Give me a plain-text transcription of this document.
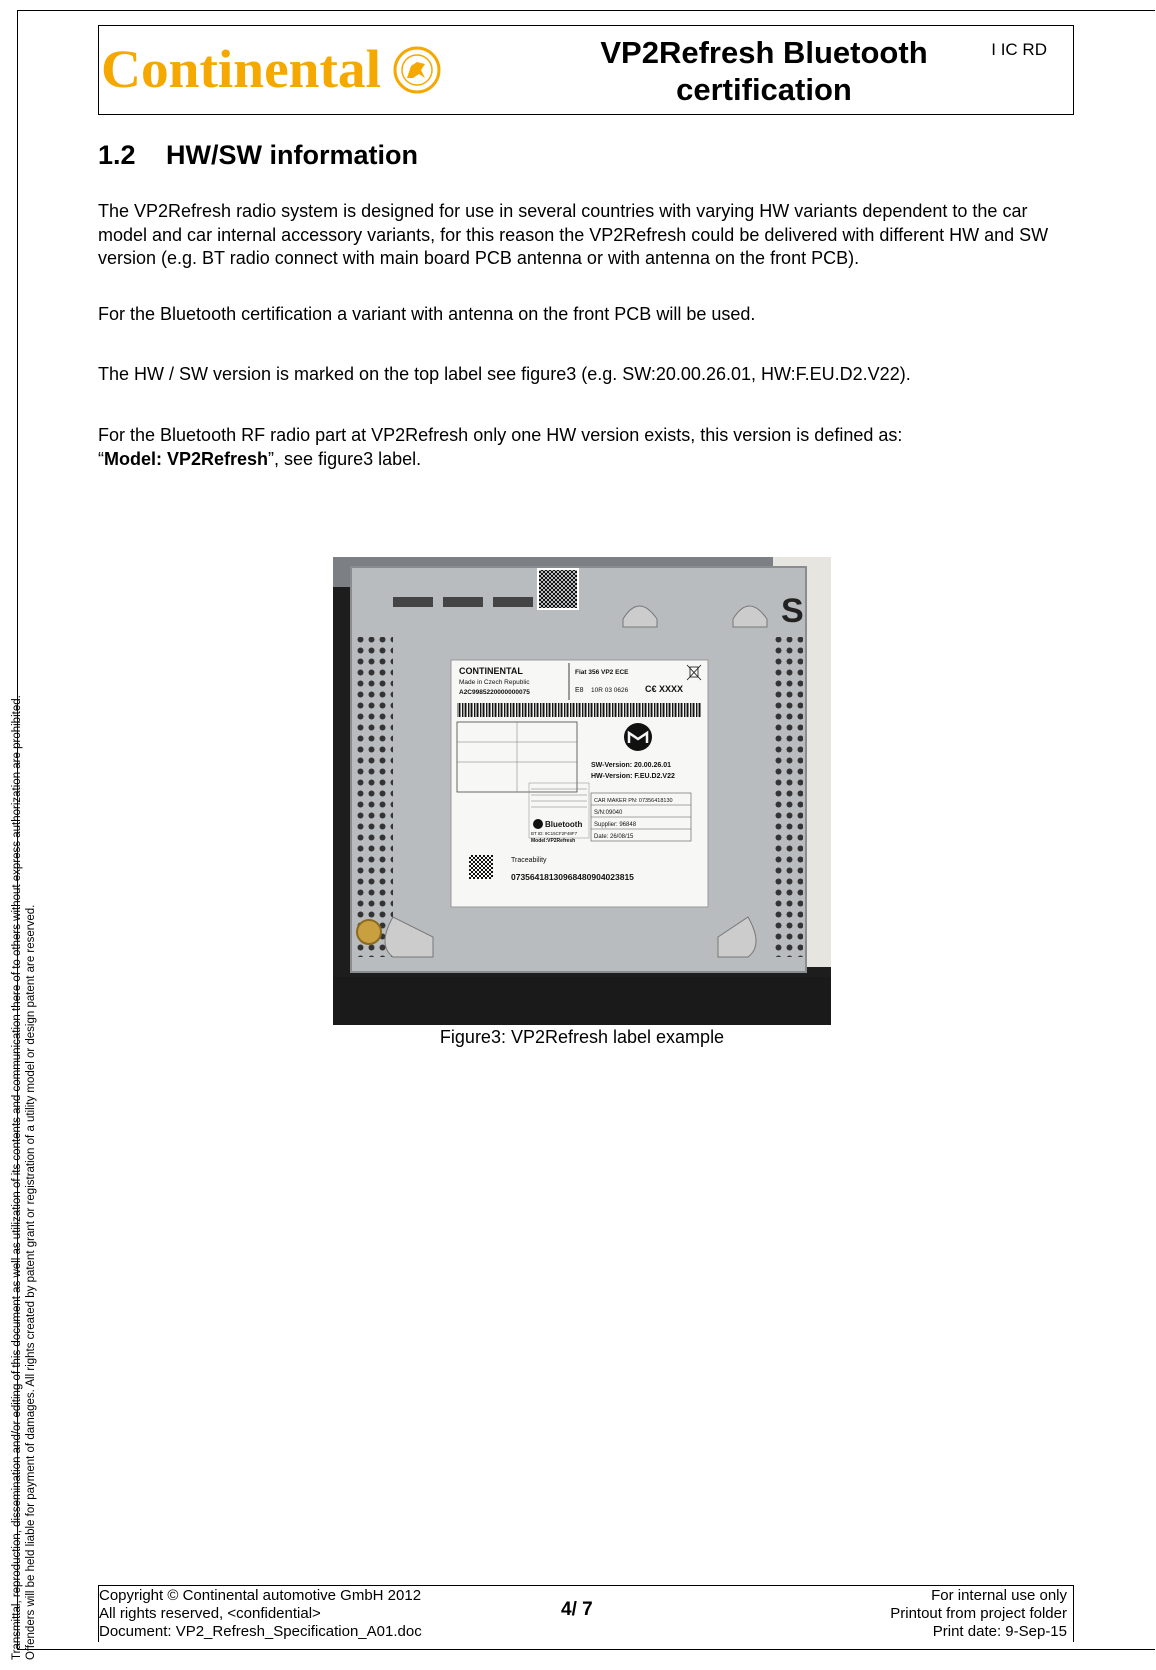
Transmittal, reproduction, dissemination and/or editing of this document as well as utilization of its contents and communication there of to others without express authorization are prohibited. Offenders will be held liable for payment of damages. All rights created by patent grant or registration of a utility model or design patent are reserved.
Continental	VP2Refresh Bluetooth
certification
I IC RD
1.2 HW/SW information
The VP2Refresh radio system is designed for use in several countries with varying HW variants dependent to the car model and car internal accessory variants, for this reason the VP2Refresh could be delivered with different HW and SW version (e.g. BT radio connect with main board PCB antenna or with antenna on the front PCB).
For the Bluetooth certification a variant with antenna on the front PCB will be used.
The HW / SW version is marked on the top label see figure3 (e.g. SW:20.00.26.01, HW:F.EU.D2.V22).
For the Bluetooth RF radio part at VP2Refresh only one HW version exists, this version is defined as:
“Model: VP2Refresh”, see figure3 label.
S
CONTINENTAL
Made in Czech Republic
A2C9985220000000075
Fiat 356 VP2 ECE
E8 10R 03 0626 C€ XXXX
SW-Version: 20.00.26.01
HW-Version: F.EU.D2.V22
Bluetooth
BT ID: 9C15CF2F48F7
Model:VP2Refresh
CAR MAKER PN: 07356418130
S/N:09040
Supplier: 96848
Date: 26/08/15
Traceability
07356418130968480904023815
Figure3: VP2Refresh label example
Copyright © Continental automotive GmbH 2012
All rights reserved, <confidential>
Document: VP2_Refresh_Specification_A01.doc
4/ 7
For internal use only
Printout from project folder
Print date: 9-Sep-15
